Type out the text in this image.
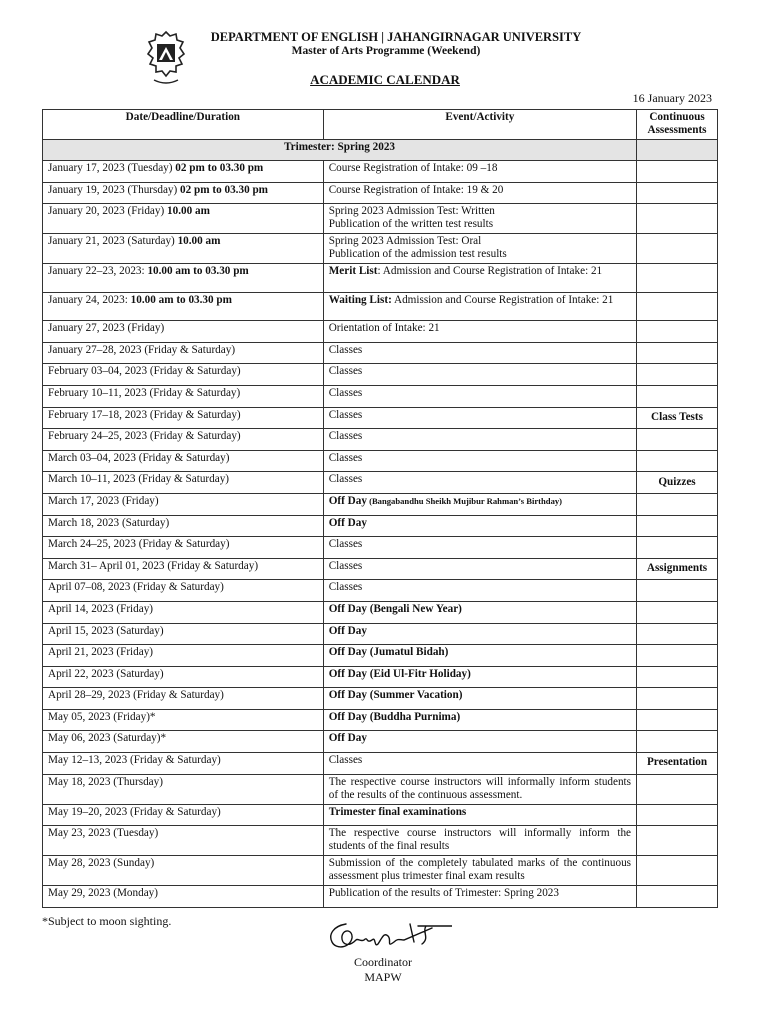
DEPARTMENT OF ENGLISH | JAHANGIRNAGAR UNIVERSITY
Master of Arts Programme (Weekend)
ACADEMIC CALENDAR
16 January 2023
Date/Deadline/Duration	Event/Activity	Continuous Assessments
Trimester: Spring 2023		
January 17, 2023 (Tuesday) 02 pm to 03.30 pm	Course Registration of Intake: 09 –18	
January 19, 2023 (Thursday) 02 pm to 03.30 pm	Course Registration of Intake: 19 & 20	
January 20, 2023 (Friday) 10.00 am	Spring 2023 Admission Test: Written
Publication of the written test results	
January 21, 2023 (Saturday) 10.00 am	Spring 2023 Admission Test: Oral
Publication of the admission test results	
January 22–23, 2023: 10.00 am to 03.30 pm	Merit List: Admission and Course Registration of Intake: 21	
January 24, 2023: 10.00 am to 03.30 pm	Waiting List: Admission and Course Registration of Intake: 21	
January 27, 2023 (Friday)	Orientation of Intake: 21	
January 27–28, 2023 (Friday & Saturday)	Classes	
February 03–04, 2023 (Friday & Saturday)	Classes	
February 10–11, 2023 (Friday & Saturday)	Classes	
February 17–18, 2023 (Friday & Saturday)	Classes	Class Tests
February 24–25, 2023 (Friday & Saturday)	Classes	
March 03–04, 2023 (Friday & Saturday)	Classes	
March 10–11, 2023 (Friday & Saturday)	Classes	Quizzes
March 17, 2023 (Friday)	Off Day (Bangabandhu Sheikh Mujibur Rahman’s Birthday)	
March 18, 2023 (Saturday)	Off Day	
March 24–25, 2023 (Friday & Saturday)	Classes	
March 31– April 01, 2023 (Friday & Saturday)	Classes	Assignments
April 07–08, 2023 (Friday & Saturday)	Classes	
April 14, 2023 (Friday)	Off Day (Bengali New Year)	
April 15, 2023 (Saturday)	Off Day	
April 21, 2023 (Friday)	Off Day (Jumatul Bidah)	
April 22, 2023 (Saturday)	Off Day (Eid Ul-Fitr Holiday)	
April 28–29, 2023 (Friday & Saturday)	Off Day (Summer Vacation)	
May 05, 2023 (Friday)*	Off Day (Buddha Purnima)	
May 06, 2023 (Saturday)*	Off Day	
May 12–13, 2023 (Friday & Saturday)	Classes	Presentation
May 18, 2023 (Thursday)	The respective course instructors will informally inform students of the results of the continuous assessment.	
May 19–20, 2023 (Friday & Saturday)	Trimester final examinations	
May 23, 2023 (Tuesday)	The respective course instructors will informally inform the students of the final results	
May 28, 2023 (Sunday)	Submission of the completely tabulated marks of the continuous assessment plus trimester final exam results	
May 29, 2023 (Monday)	Publication of the results of Trimester: Spring 2023	
*Subject to moon sighting.
Coordinator
MAPW
